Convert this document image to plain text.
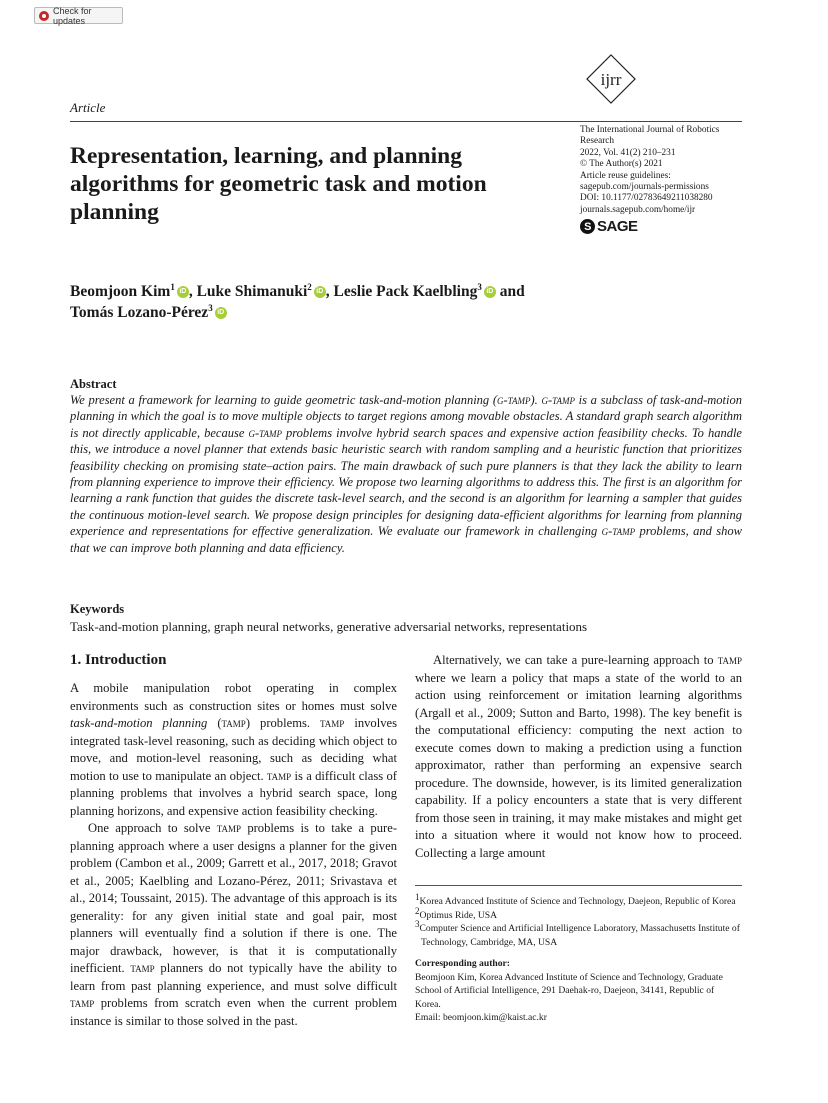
Check for updates
ijrr
Article
Representation, learning, and planning algorithms for geometric task and motion planning
The International Journal of Robotics Research
2022, Vol. 41(2) 210–231
© The Author(s) 2021
Article reuse guidelines:
sagepub.com/journals-permissions
DOI: 10.1177/02783649211038280
journals.sagepub.com/home/ijr
S SAGE
Beomjoon Kim$^1$iD , Luke Shimanuki$^2$iD , Leslie Pack Kaelbling$^3$iD and
Tomás Lozano-Pérez$^3$iD
Abstract

We present a framework for learning to guide geometric task-and-motion planning (g-tamp). g-tamp is a subclass of task-and-motion planning in which the goal is to move multiple objects to target regions among movable obstacles. A standard graph search algorithm is not directly applicable, because g-tamp problems involve hybrid search spaces and expensive action feasibility checks. To handle this, we introduce a novel planner that extends basic heuristic search with random sampling and a heuristic function that prioritizes feasibility checking on promising state–action pairs. The main drawback of such pure planners is that they lack the ability to learn from planning experience to improve their efficiency. We propose two learning algorithms to address this. The first is an algorithm for learning a rank function that guides the discrete task-level search, and the second is an algorithm for learning a sampler that guides the continuous motion-level search. We propose design principles for designing data-efficient algorithms for learning from planning experience and representations for effective generalization. We evaluate our framework in challenging g-tamp problems, and show that we can improve both planning and data efficiency.

Keywords
Task-and-motion planning, graph neural networks, generative adversarial networks, representations
1. Introduction

A mobile manipulation robot operating in complex environments such as construction sites or homes must solve task-and-motion planning (tamp) problems. tamp involves integrated task-level reasoning, such as deciding which object to move, and motion-level reasoning, such as deciding what motion to use to manipulate an object. tamp is a difficult class of planning problems that involves a hybrid search space, long planning horizons, and expensive action feasibility checking.

One approach to solve tamp problems is to take a pure-planning approach where a user designs a planner for the given problem (Cambon et al., 2009; Garrett et al., 2017, 2018; Gravot et al., 2005; Kaelbling and Lozano-Pérez, 2011; Srivastava et al., 2014; Toussaint, 2015). The advantage of this approach is its generality: for any given initial state and goal pair, most planners will eventually find a solution if there is one. The major drawback, however, is that it is computationally inefficient. tamp planners do not typically have the ability to learn from past planning experience, and must solve difficult tamp problems from scratch even when the current problem instance is similar to those solved in the past.

Alternatively, we can take a pure-learning approach to tamp where we learn a policy that maps a state of the world to an action using reinforcement or imitation learning algorithms (Argall et al., 2009; Sutton and Barto, 1998). The key benefit is the computational efficiency: computing the next action to execute comes down to making a prediction using a function approximator, rather than performing an expensive search procedure. The downside, however, is its limited generalization capability. If a policy encounters a state that is very different from those seen in training, it may make mistakes and might get into a situation where it would not know how to proceed. Collecting a large amount

$^1$Korea Advanced Institute of Science and Technology, Daejeon, Republic of Korea

$^2$Optimus Ride, USA

$^3$Computer Science and Artificial Intelligence Laboratory, Massachusetts Institute of Technology, Cambridge, MA, USA

Corresponding author:
Beomjoon Kim, Korea Advanced Institute of Science and Technology, Graduate School of Artificial Intelligence, 291 Daehak-ro, Daejeon, 34141, Republic of Korea.
Email: beomjoon.kim@kaist.ac.kr
